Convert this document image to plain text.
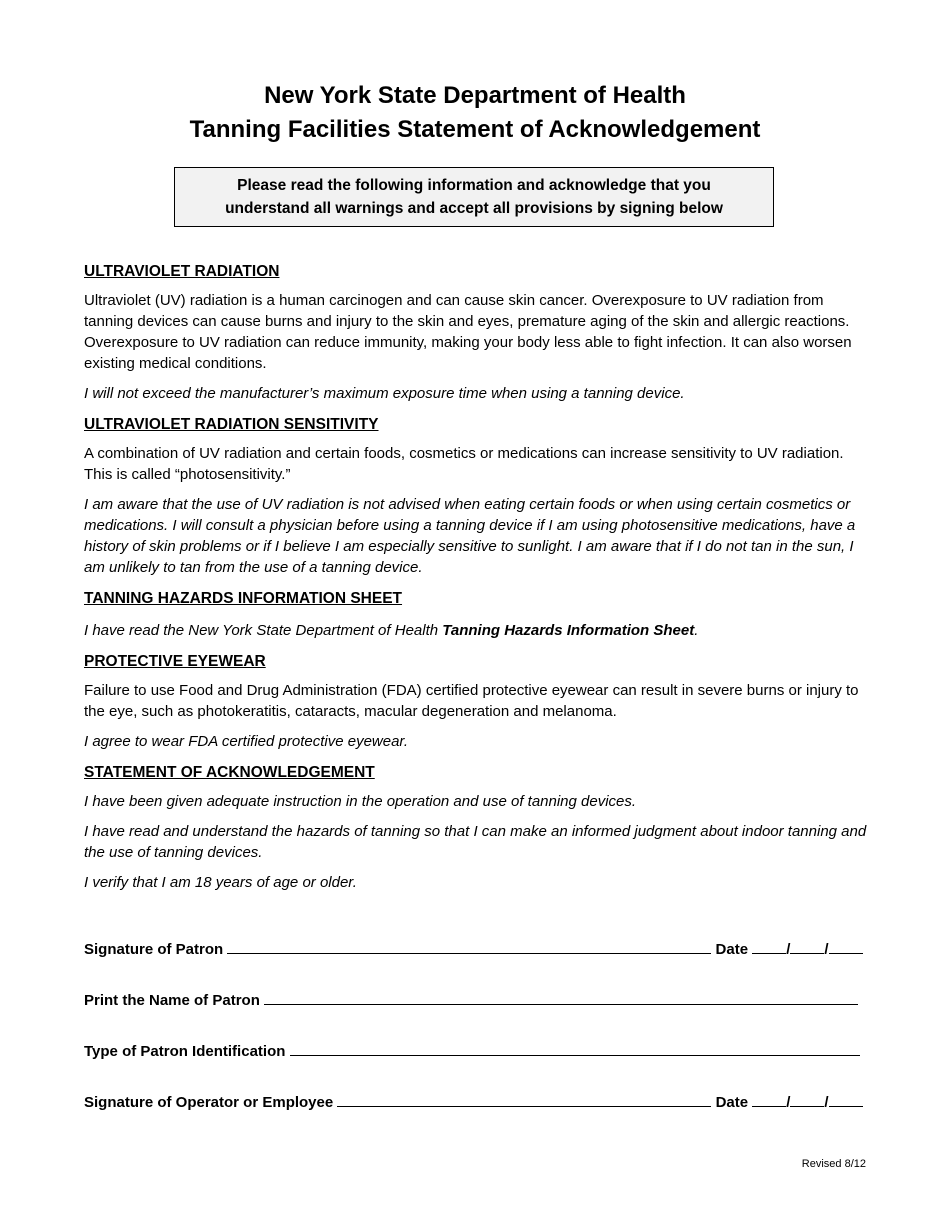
New York State Department of Health
Tanning Facilities Statement of Acknowledgement
Please read the following information and acknowledge that you
understand all warnings and accept all provisions by signing below

ULTRAVIOLET RADIATION

Ultraviolet (UV) radiation is a human carcinogen and can cause skin cancer. Overexposure to UV radiation from tanning devices can cause burns and injury to the skin and eyes, premature aging of the skin and allergic reactions. Overexposure to UV radiation can reduce immunity, making your body less able to fight infection. It can also worsen existing medical conditions.

I will not exceed the manufacturer’s maximum exposure time when using a tanning device.

ULTRAVIOLET RADIATION SENSITIVITY

A combination of UV radiation and certain foods, cosmetics or medications can increase sensitivity to UV radiation. This is called “photosensitivity.”

I am aware that the use of UV radiation is not advised when eating certain foods or when using certain cosmetics or medications. I will consult a physician before using a tanning device if I am using photosensitive medications, have a history of skin problems or if I believe I am especially sensitive to sunlight. I am aware that if I do not tan in the sun, I am unlikely to tan from the use of a tanning device.

TANNING HAZARDS INFORMATION SHEET

I have read the New York State Department of Health Tanning Hazards Information Sheet.

PROTECTIVE EYEWEAR

Failure to use Food and Drug Administration (FDA) certified protective eyewear can result in severe burns or injury to the eye, such as photokeratitis, cataracts, macular degeneration and melanoma.

I agree to wear FDA certified protective eyewear.

STATEMENT OF ACKNOWLEDGEMENT

I have been given adequate instruction in the operation and use of tanning devices.

I have read and understand the hazards of tanning so that I can make an informed judgment about indoor tanning and the use of tanning devices.

I verify that I am 18 years of age or older.

Signature of Patron	Date	/ /
Print the Name of Patron
Type of Patron Identification
Signature of Operator or Employee	Date	/ /
Revised 8/12
